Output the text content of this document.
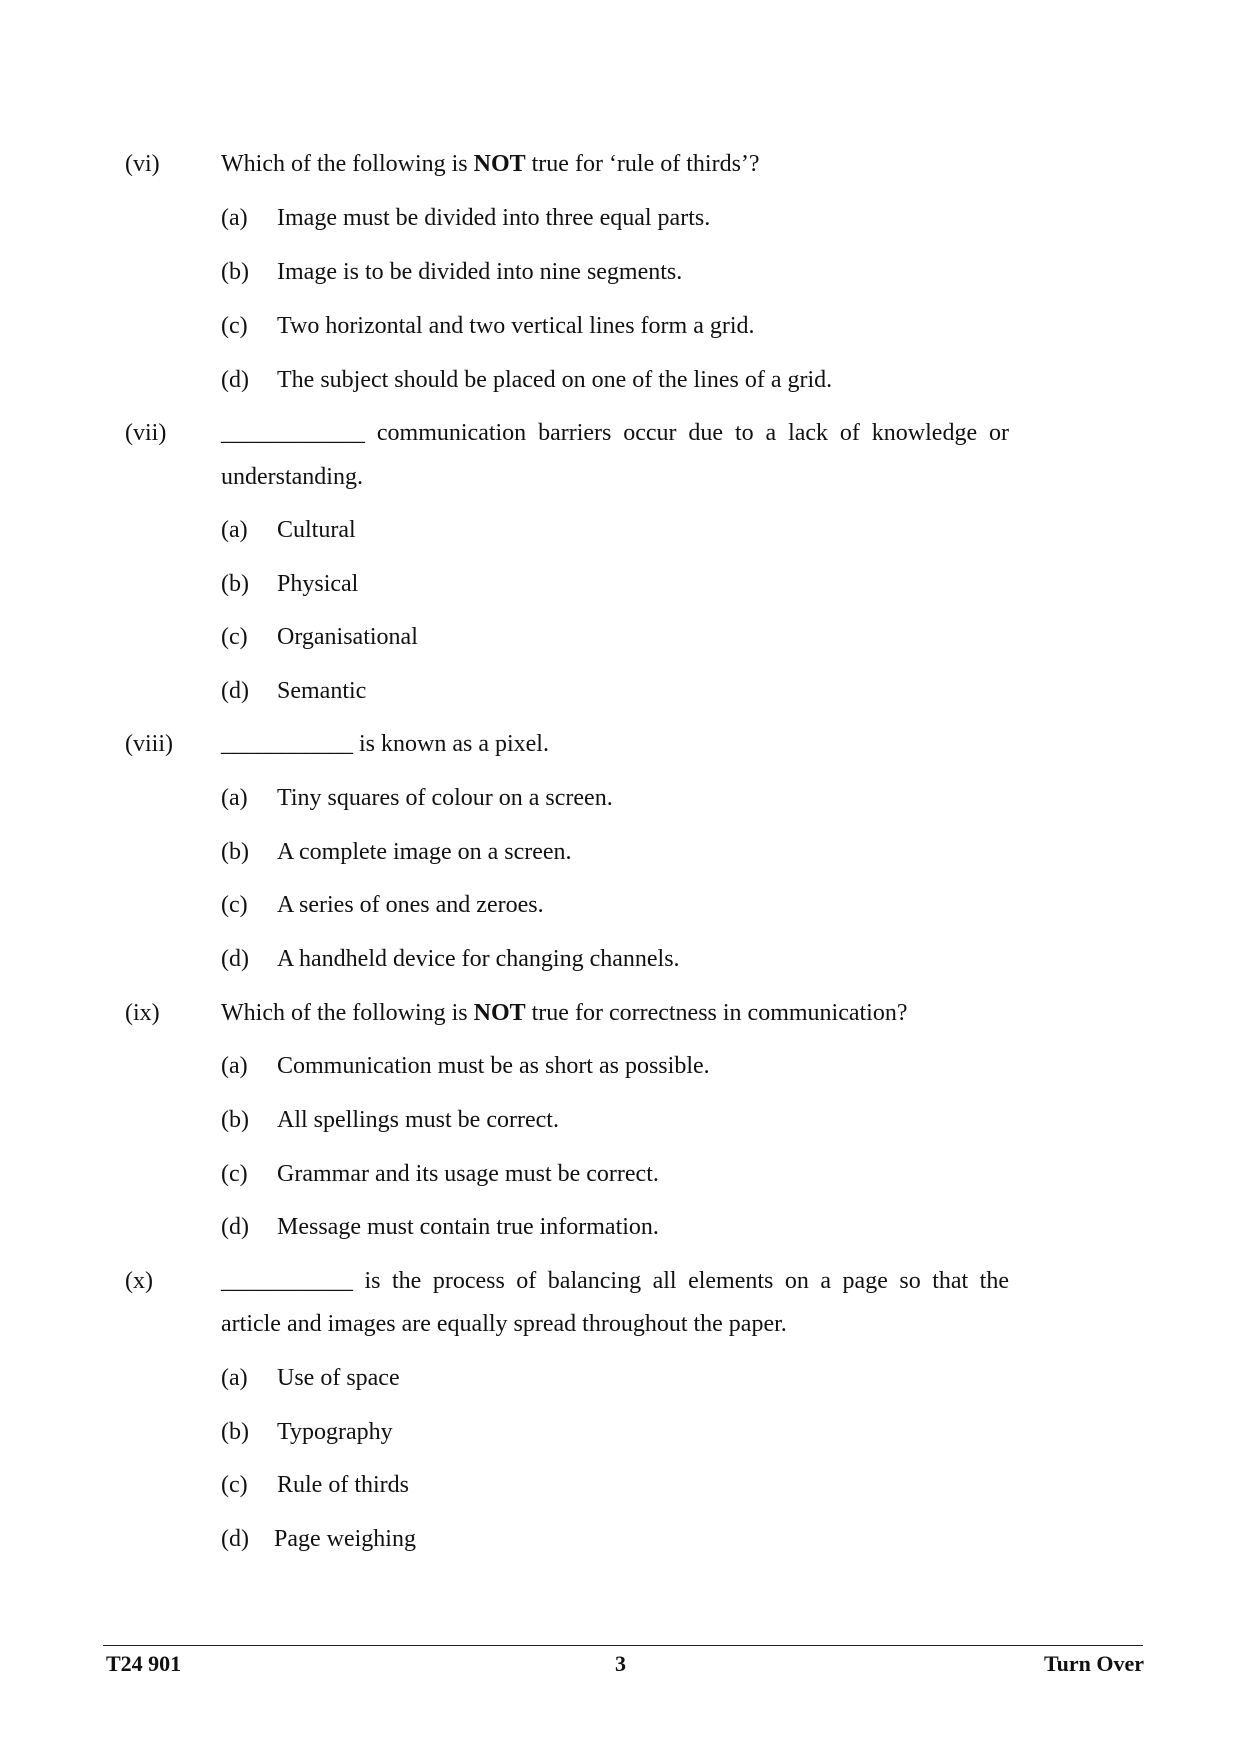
(vi)	Which of the following is NOT true for ‘rule of thirds’?
(a) Image must be divided into three equal parts.
(b) Image is to be divided into nine segments.
(c) Two horizontal and two vertical lines form a grid.
(d) The subject should be placed on one of the lines of a grid.
(vii) ____________ communication barriers occur due to a lack of knowledge or
understanding.
(a) Cultural
(b) Physical
(c) Organisational
(d) Semantic
(viii) ___________ is known as a pixel.
(a) Tiny squares of colour on a screen.
(b) A complete image on a screen.
(c) A series of ones and zeroes.
(d) A handheld device for changing channels.
(ix)	Which of the following is NOT true for correctness in communication?
(a) Communication must be as short as possible.
(b) All spellings must be correct.
(c) Grammar and its usage must be correct.
(d) Message must contain true information.
(x)	___________ is the process of balancing all elements on a page so that the
article and images are equally spread throughout the paper.
(a) Use of space
(b) Typography
(c) Rule of thirds
(d) Page weighing
T24 901	3	Turn Over
